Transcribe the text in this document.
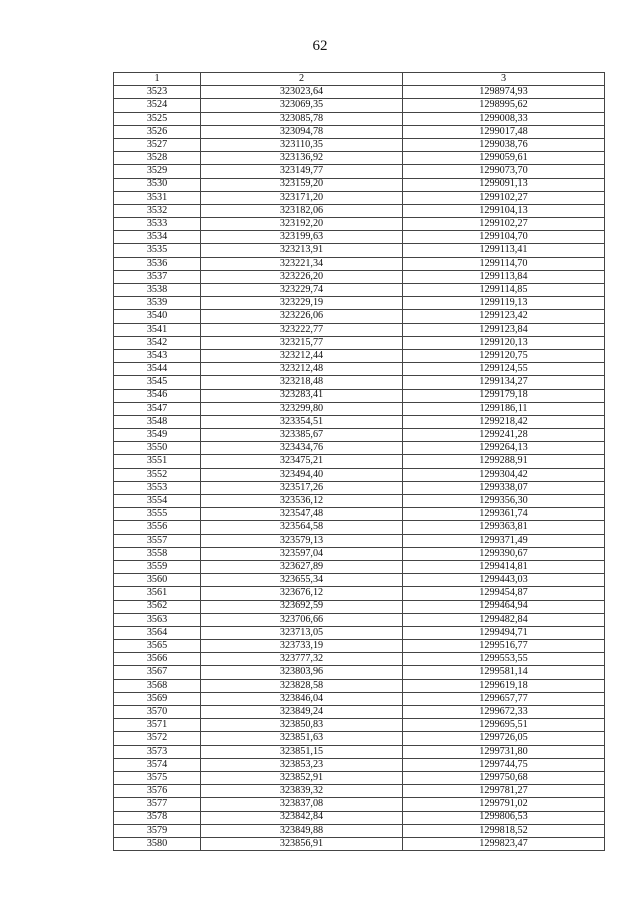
62
1	2	3
3523	323023,64	1298974,93
3524	323069,35	1298995,62
3525	323085,78	1299008,33
3526	323094,78	1299017,48
3527	323110,35	1299038,76
3528	323136,92	1299059,61
3529	323149,77	1299073,70
3530	323159,20	1299091,13
3531	323171,20	1299102,27
3532	323182,06	1299104,13
3533	323192,20	1299102,27
3534	323199,63	1299104,70
3535	323213,91	1299113,41
3536	323221,34	1299114,70
3537	323226,20	1299113,84
3538	323229,74	1299114,85
3539	323229,19	1299119,13
3540	323226,06	1299123,42
3541	323222,77	1299123,84
3542	323215,77	1299120,13
3543	323212,44	1299120,75
3544	323212,48	1299124,55
3545	323218,48	1299134,27
3546	323283,41	1299179,18
3547	323299,80	1299186,11
3548	323354,51	1299218,42
3549	323385,67	1299241,28
3550	323434,76	1299264,13
3551	323475,21	1299288,91
3552	323494,40	1299304,42
3553	323517,26	1299338,07
3554	323536,12	1299356,30
3555	323547,48	1299361,74
3556	323564,58	1299363,81
3557	323579,13	1299371,49
3558	323597,04	1299390,67
3559	323627,89	1299414,81
3560	323655,34	1299443,03
3561	323676,12	1299454,87
3562	323692,59	1299464,94
3563	323706,66	1299482,84
3564	323713,05	1299494,71
3565	323733,19	1299516,77
3566	323777,32	1299553,55
3567	323803,96	1299581,14
3568	323828,58	1299619,18
3569	323846,04	1299657,77
3570	323849,24	1299672,33
3571	323850,83	1299695,51
3572	323851,63	1299726,05
3573	323851,15	1299731,80
3574	323853,23	1299744,75
3575	323852,91	1299750,68
3576	323839,32	1299781,27
3577	323837,08	1299791,02
3578	323842,84	1299806,53
3579	323849,88	1299818,52
3580	323856,91	1299823,47
